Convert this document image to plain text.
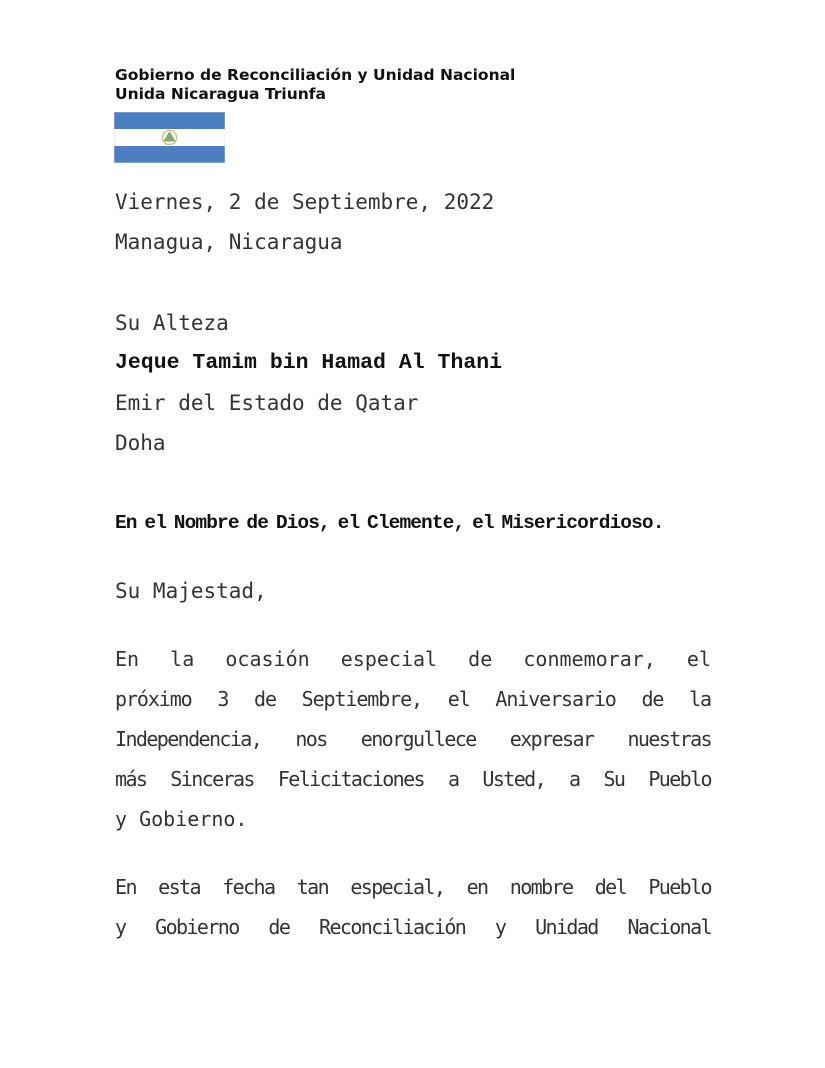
Gobierno de Reconciliación y Unidad Nacional
Unida Nicaragua Triunfa
Viernes, 2 de Septiembre, 2022
Managua, Nicaragua
Su Alteza
Jeque Tamim bin Hamad Al Thani
Emir del Estado de Qatar
Doha
En el Nombre de Dios, el Clemente, el Misericordioso.
Su Majestad,
En la ocasión especial de conmemorar, el
próximo 3 de Septiembre, el Aniversario de la
Independencia, nos enorgullece expresar nuestras
más Sinceras Felicitaciones a Usted, a Su Pueblo
y Gobierno.
En esta fecha tan especial, en nombre del Pueblo
y Gobierno de Reconciliación y Unidad Nacional
